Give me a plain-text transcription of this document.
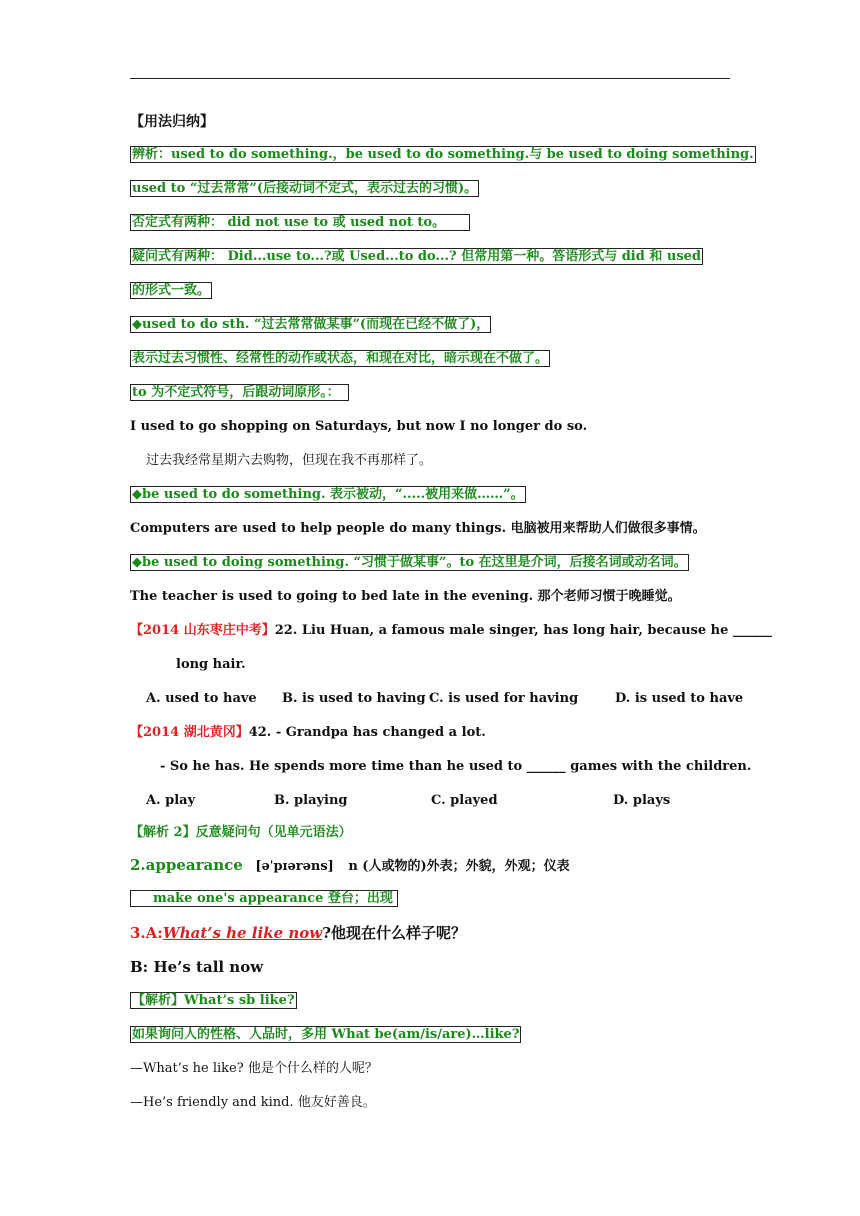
【用法归纳】
辨析：used to do something.，be used to do something.与 be used to doing something.
used to “过去常常”(后接动词不定式，表示过去的习惯)。
否定式有两种： did not use to 或 used not to。
疑问式有两种： Did...use to...?或 Used...to do...? 但常用第一种。答语形式与 did 和 used
的形式一致。
◆used to do sth. “过去常常做某事”(而现在已经不做了)，
表示过去习惯性、经常性的动作或状态，和现在对比，暗示现在不做了。
to 为不定式符号，后跟动词原形。：
I used to go shopping on Saturdays, but now I no longer do so.
过去我经常星期六去购物，但现在我不再那样了。
◆be used to do something. 表示被动，“.....被用来做……”。
Computers are used to help people do many things. 电脑被用来帮助人们做很多事情。
◆be used to doing something. “习惯于做某事”。to 在这里是介词，后接名词或动名词。
The teacher is used to going to bed late in the evening. 那个老师习惯于晚睡觉。
【2014 山东枣庄中考】22. Liu Huan, a famous male singer, has long hair, because he ______
long hair.
A. used to have B. is used to having C. is used for having	D. is used to have
【2014 湖北黄冈】42. - Grandpa has changed a lot.
- So he has. He spends more time than he used to ______ games with the children.
A. play	B. playing	C. played	D. plays
【解析 2】反意疑问句（见单元语法）
2.appearance [əˈpɪərəns] n (人或物的)外表；外貌，外观；仪表
make one's appearance 登台；出现
3.A:What’s he like now?他现在什么样子呢？
B: He’s tall now
【解析】What’s sb like?
如果询问人的性格、人品时，多用 What be(am/is/are)…like?
—What’s he like? 他是个什么样的人呢？
—He’s friendly and kind. 他友好善良。
